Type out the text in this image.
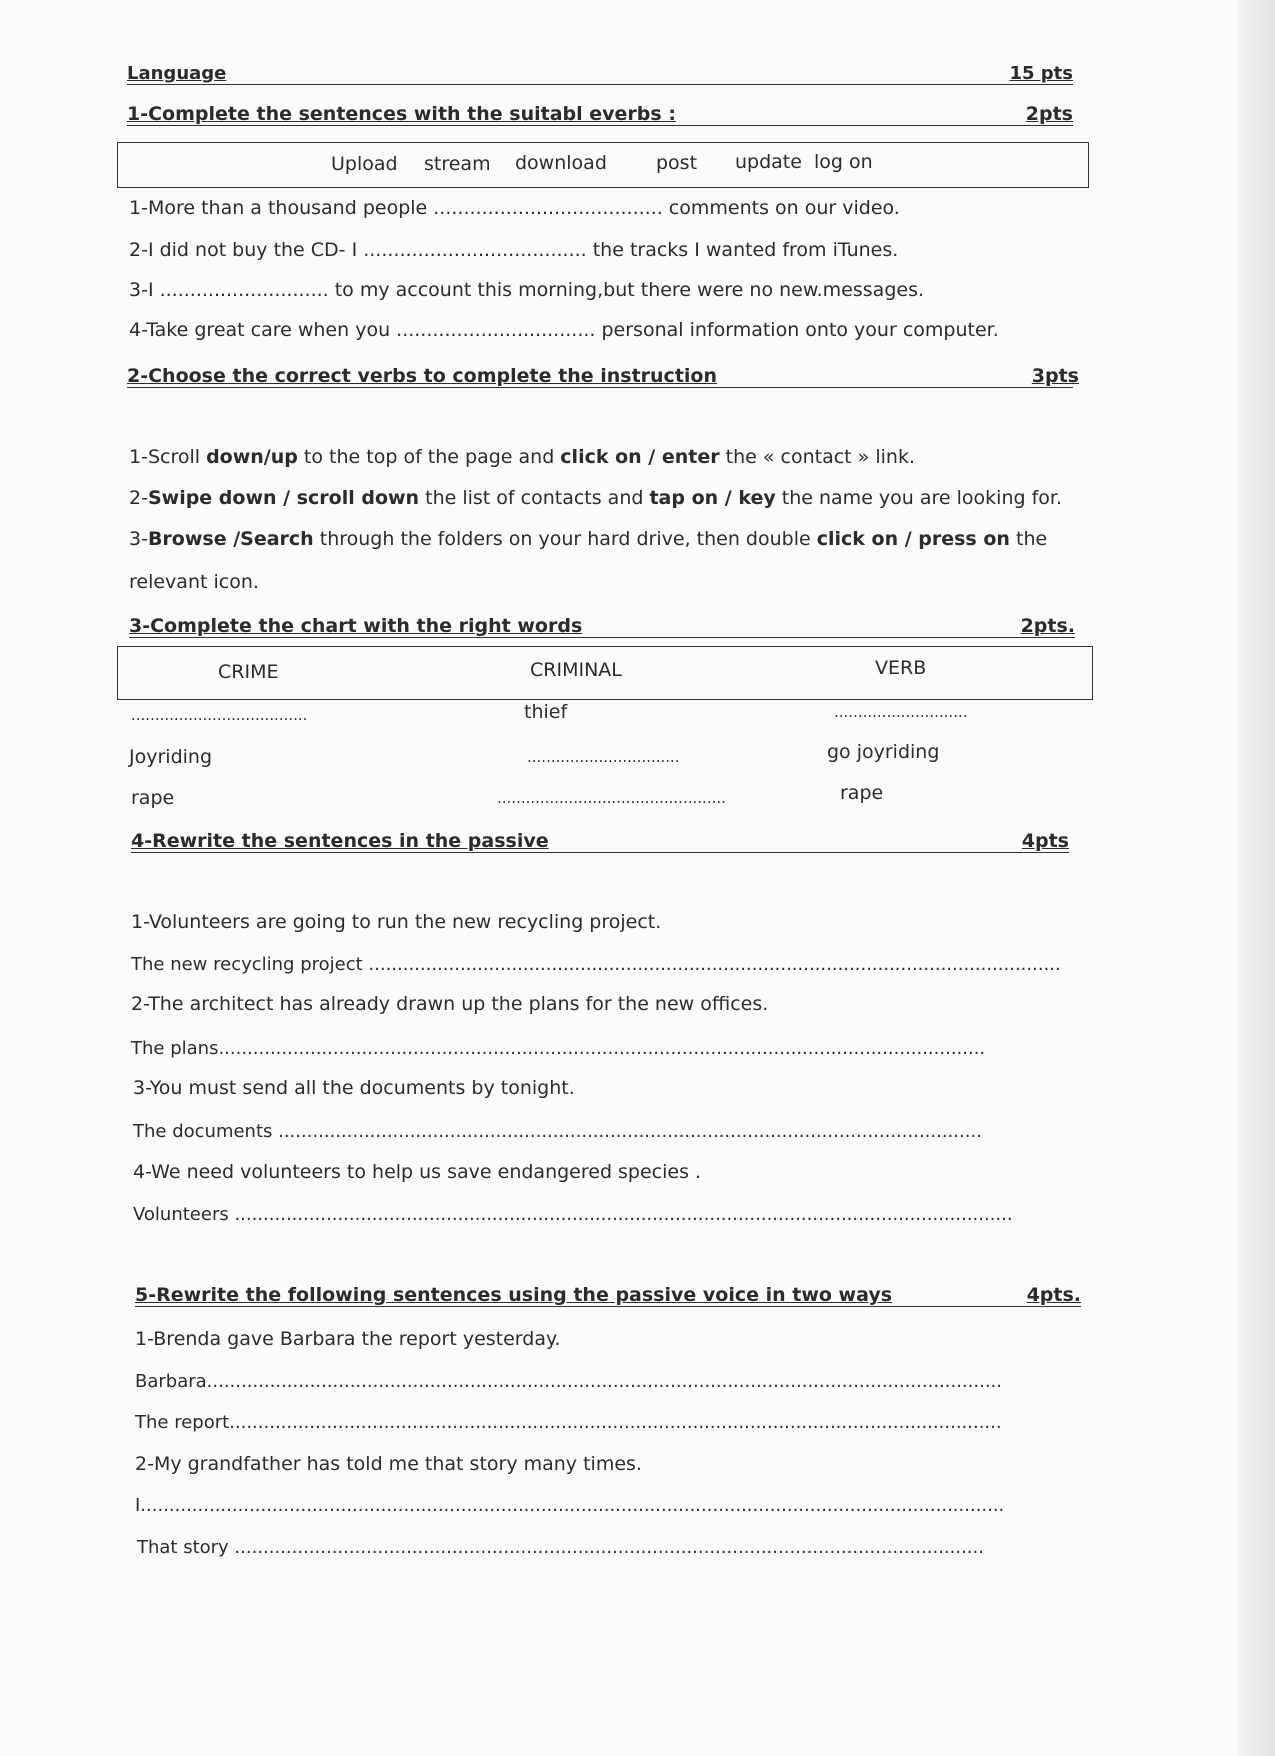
Language	15 pts
1-Complete the sentences with the suitabl everbs :	2pts
Upload stream download	post update log on
1-More than a thousand people ...................................... comments on our video.
2-I did not buy the CD- I ..................................... the tracks I wanted from iTunes.
3-I ............................ to my account this morning,but there were no new.messages.
4-Take great care when you ................................. personal information onto your computer.
2-Choose the correct verbs to complete the instruction	3pts
1-Scroll down/up to the top of the page and click on / enter the « contact » link.
2-Swipe down / scroll down the list of contacts and tap on / key the name you are looking for.
3-Browse /Search through the folders on your hard drive, then double click on / press on the
relevant icon.
3-Complete the chart with the right words	2pts.
CRIME	CRIMINAL	VERB
.....................................	thief	............................
Joyriding	................................	go joyriding
rape	................................................	rape
4-Rewrite the sentences in the passive	4pts
1-Volunteers are going to run the new recycling project.
The new recycling project .........................................................................................................................
2-The architect has already drawn up the plans for the new offices.
The plans......................................................................................................................................
3-You must send all the documents by tonight.
The documents ...........................................................................................................................
4-We need volunteers to help us save endangered species .
Volunteers ........................................................................................................................................
5-Rewrite the following sentences using the passive voice in two ways	4pts.
1-Brenda gave Barbara the report yesterday.
Barbara...........................................................................................................................................
The report.......................................................................................................................................
2-My grandfather has told me that story many times.
I.......................................................................................................................................................
That story ...................................................................................................................................
